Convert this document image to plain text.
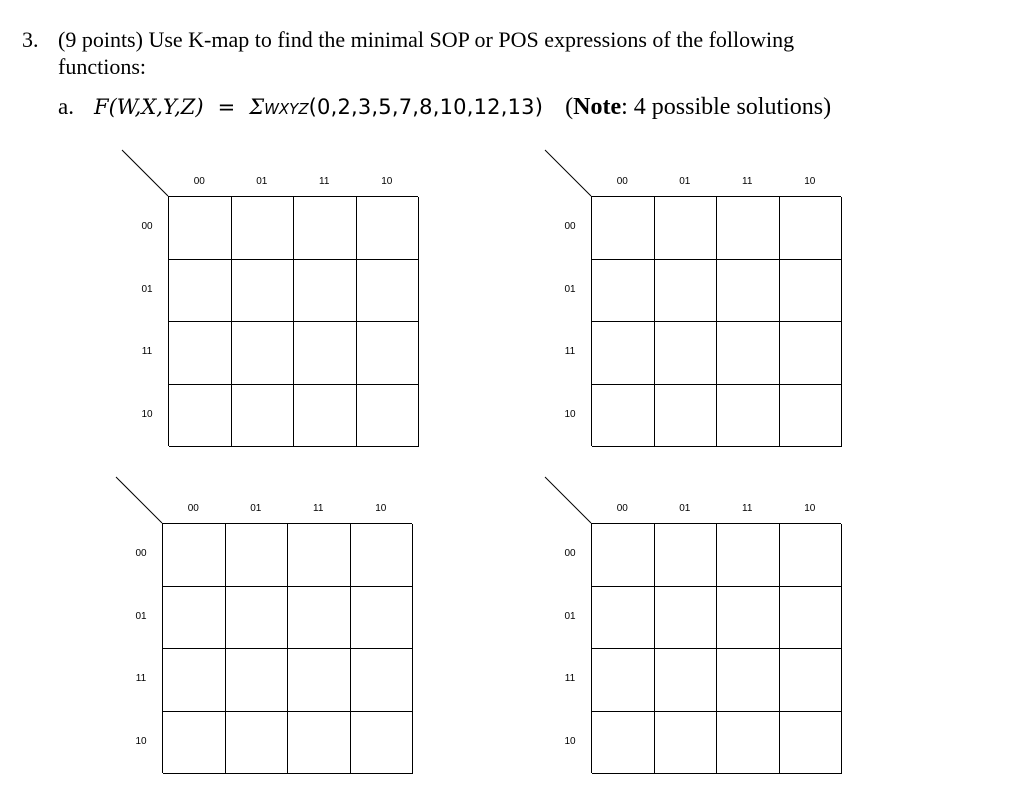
3. (9 points) Use K-map to find the minimal SOP or POS expressions of the following
functions:
a. F(W,X,Y,Z) = ΣWXYZ(0,2,3,5,7,8,10,12,13) (Note: 4 possible solutions)
00	01	11	10
00
01
11
10
00	01	11	10
00
01
11
10
00	01	11	10
00
01
11
10
00	01	11	10
00
01
11
10
